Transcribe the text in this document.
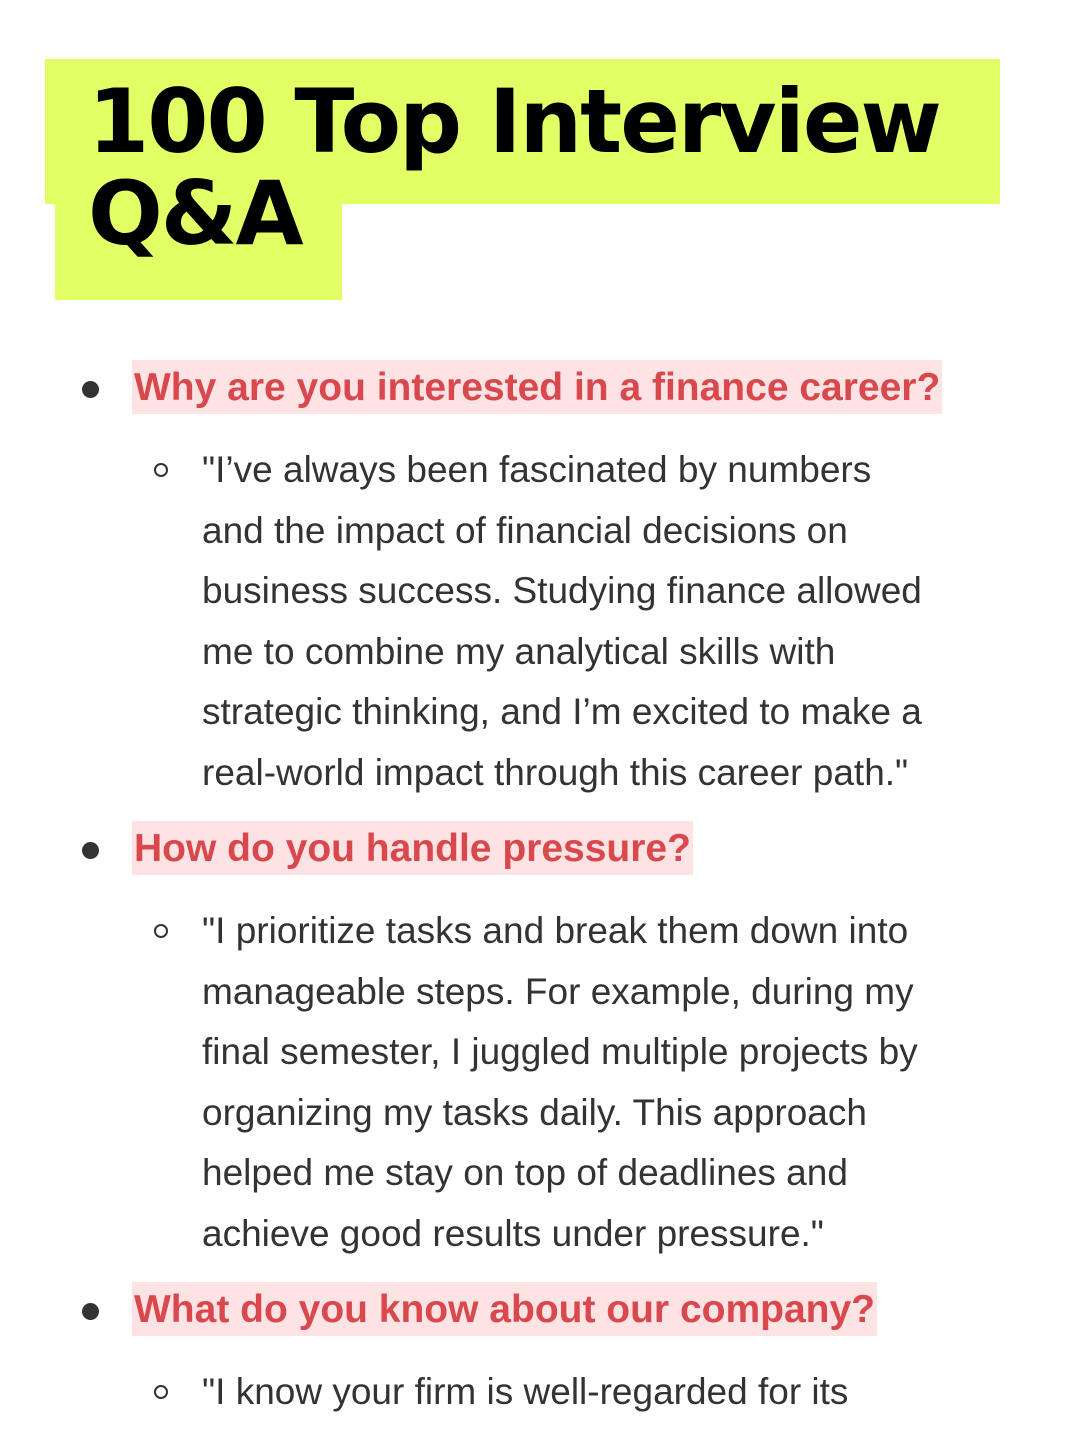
100 Top Interview
Q&A
Why are you interested in a finance career?

"I’ve always been fascinated by numbers
and the impact of financial decisions on
business success. Studying finance allowed
me to combine my analytical skills with
strategic thinking, and I’m excited to make a
real-world impact through this career path."

How do you handle pressure?

"I prioritize tasks and break them down into
manageable steps. For example, during my
final semester, I juggled multiple projects by
organizing my tasks daily. This approach
helped me stay on top of deadlines and
achieve good results under pressure."

What do you know about our company?

"I know your firm is well-regarded for its
